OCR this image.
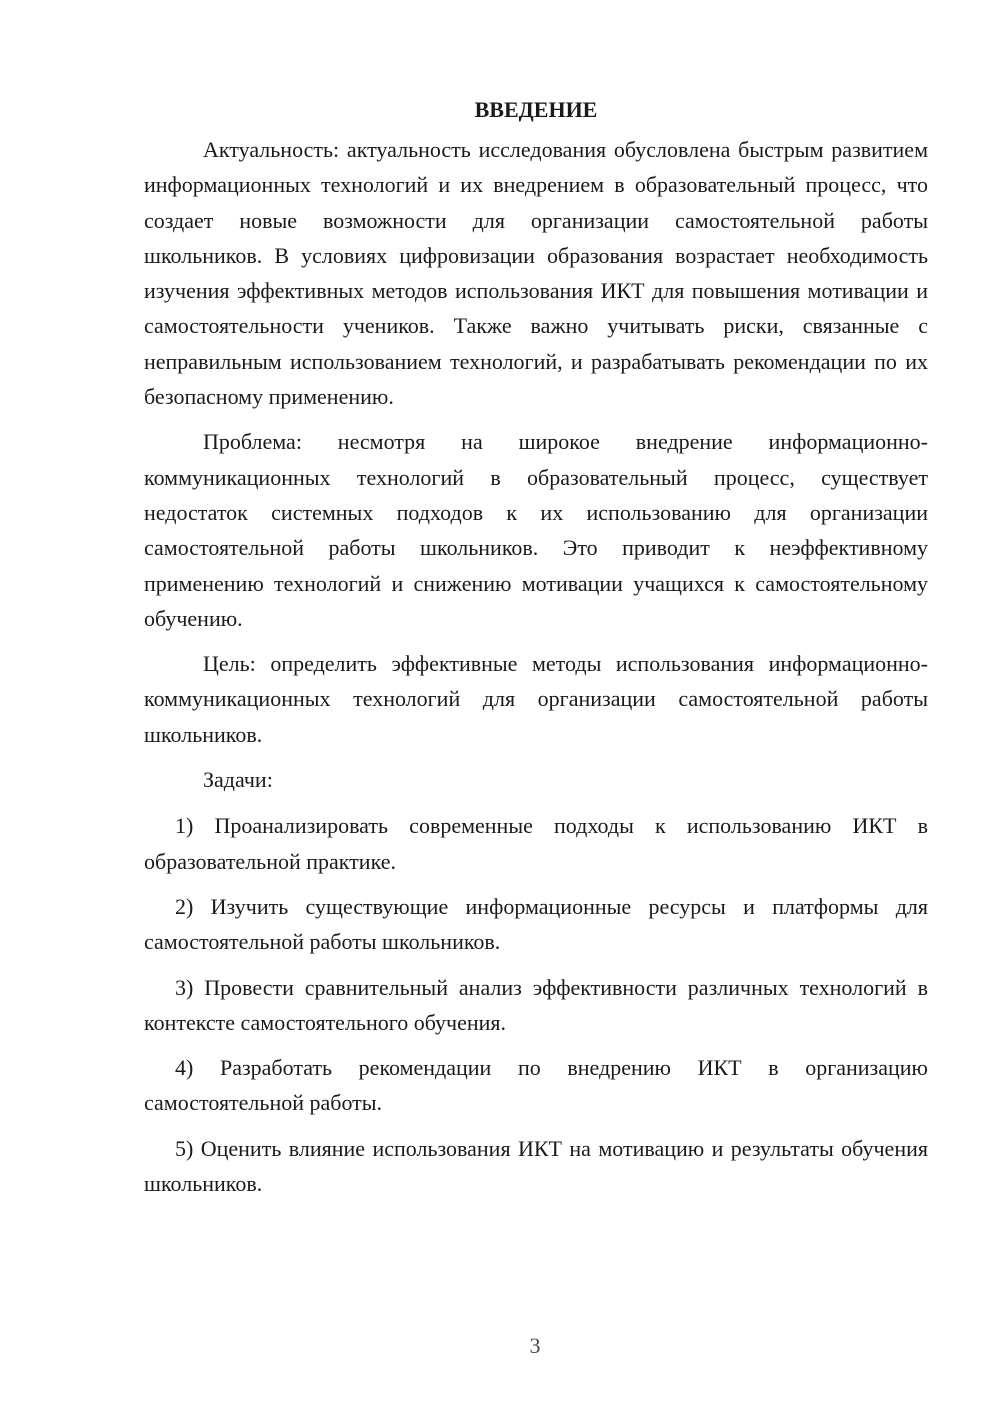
ВВЕДЕНИЕ

Актуальность: актуальность исследования обусловлена быстрым развитием информационных технологий и их внедрением в образовательный процесс, что создает новые возможности для организации самостоятельной работы школьников. В условиях цифровизации образования возрастает необходимость изучения эффективных методов использования ИКТ для повышения мотивации и самостоятельности учеников. Также важно учитывать риски, связанные с неправильным использованием технологий, и разрабатывать рекомендации по их безопасному применению.

Проблема: несмотря на широкое внедрение информационно-коммуникационных технологий в образовательный процесс, существует недостаток системных подходов к их использованию для организации самостоятельной работы школьников. Это приводит к неэффективному применению технологий и снижению мотивации учащихся к самостоятельному обучению.

Цель: определить эффективные методы использования информационно-коммуникационных технологий для организации самостоятельной работы школьников.

Задачи:

1) Проанализировать современные подходы к использованию ИКТ в образовательной практике.

2) Изучить существующие информационные ресурсы и платформы для самостоятельной работы школьников.

3) Провести сравнительный анализ эффективности различных технологий в контексте самостоятельного обучения.

4) Разработать рекомендации по внедрению ИКТ в организацию самостоятельной работы.

5) Оценить влияние использования ИКТ на мотивацию и результаты обучения школьников.

3
